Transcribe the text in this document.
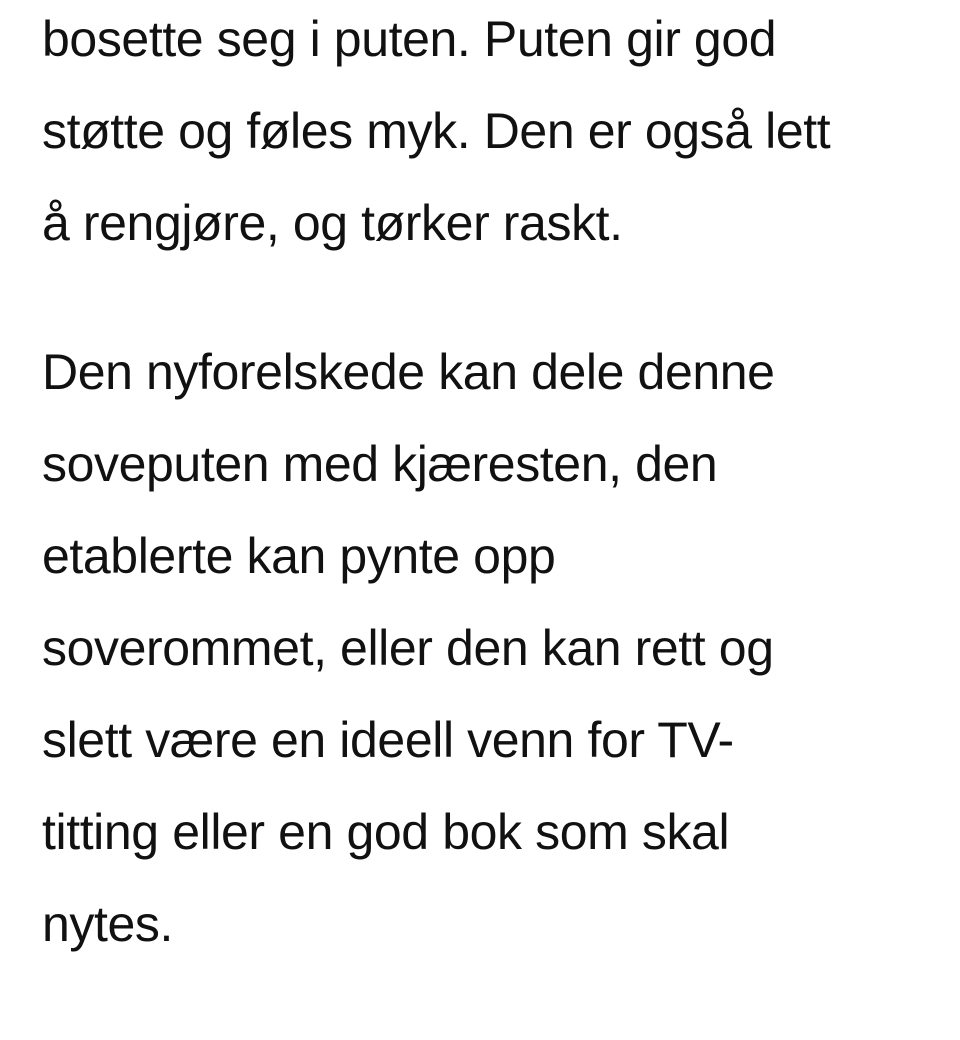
bosette seg i puten. Puten gir god
støtte og føles myk. Den er også lett
å rengjøre, og tørker raskt.
Den nyforelskede kan dele denne
soveputen med kjæresten, den
etablerte kan pynte opp
soverommet, eller den kan rett og
slett være en ideell venn for TV-
titting eller en god bok som skal
nytes.
